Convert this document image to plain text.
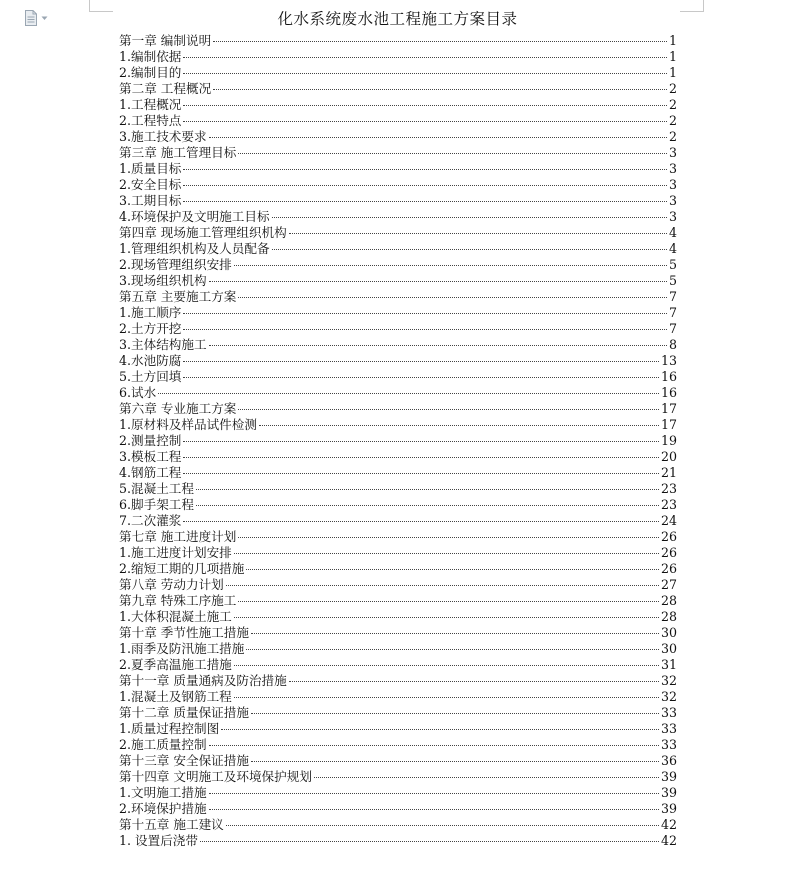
化水系统废水池工程施工方案目录
第一章 编制说明	1
1.编制依据	1
2.编制目的	1
第二章 工程概况	2
1.工程概况	2
2.工程特点	2
3.施工技术要求	2
第三章 施工管理目标	3
1.质量目标	3
2.安全目标	3
3.工期目标	3
4.环境保护及文明施工目标	3
第四章 现场施工管理组织机构	4
1.管理组织机构及人员配备	4
2.现场管理组织安排	5
3.现场组织机构	5
第五章 主要施工方案	7
1.施工顺序	7
2.土方开挖	7
3.主体结构施工	8
4.水池防腐	13
5.土方回填	16
6.试水	16
第六章 专业施工方案	17
1.原材料及样品试件检测	17
2.测量控制	19
3.模板工程	20
4.钢筋工程	21
5.混凝土工程	23
6.脚手架工程	23
7.二次灌浆	24
第七章 施工进度计划	26
1.施工进度计划安排	26
2.缩短工期的几项措施	26
第八章 劳动力计划	27
第九章 特殊工序施工	28
1.大体积混凝土施工	28
第十章 季节性施工措施	30
1.雨季及防汛施工措施	30
2.夏季高温施工措施	31
第十一章 质量通病及防治措施	32
1.混凝土及钢筋工程	32
第十二章 质量保证措施	33
1.质量过程控制图	33
2.施工质量控制	33
第十三章 安全保证措施	36
第十四章 文明施工及环境保护规划	39
1.文明施工措施	39
2.环境保护措施	39
第十五章 施工建议	42
1. 设置后浇带	42
